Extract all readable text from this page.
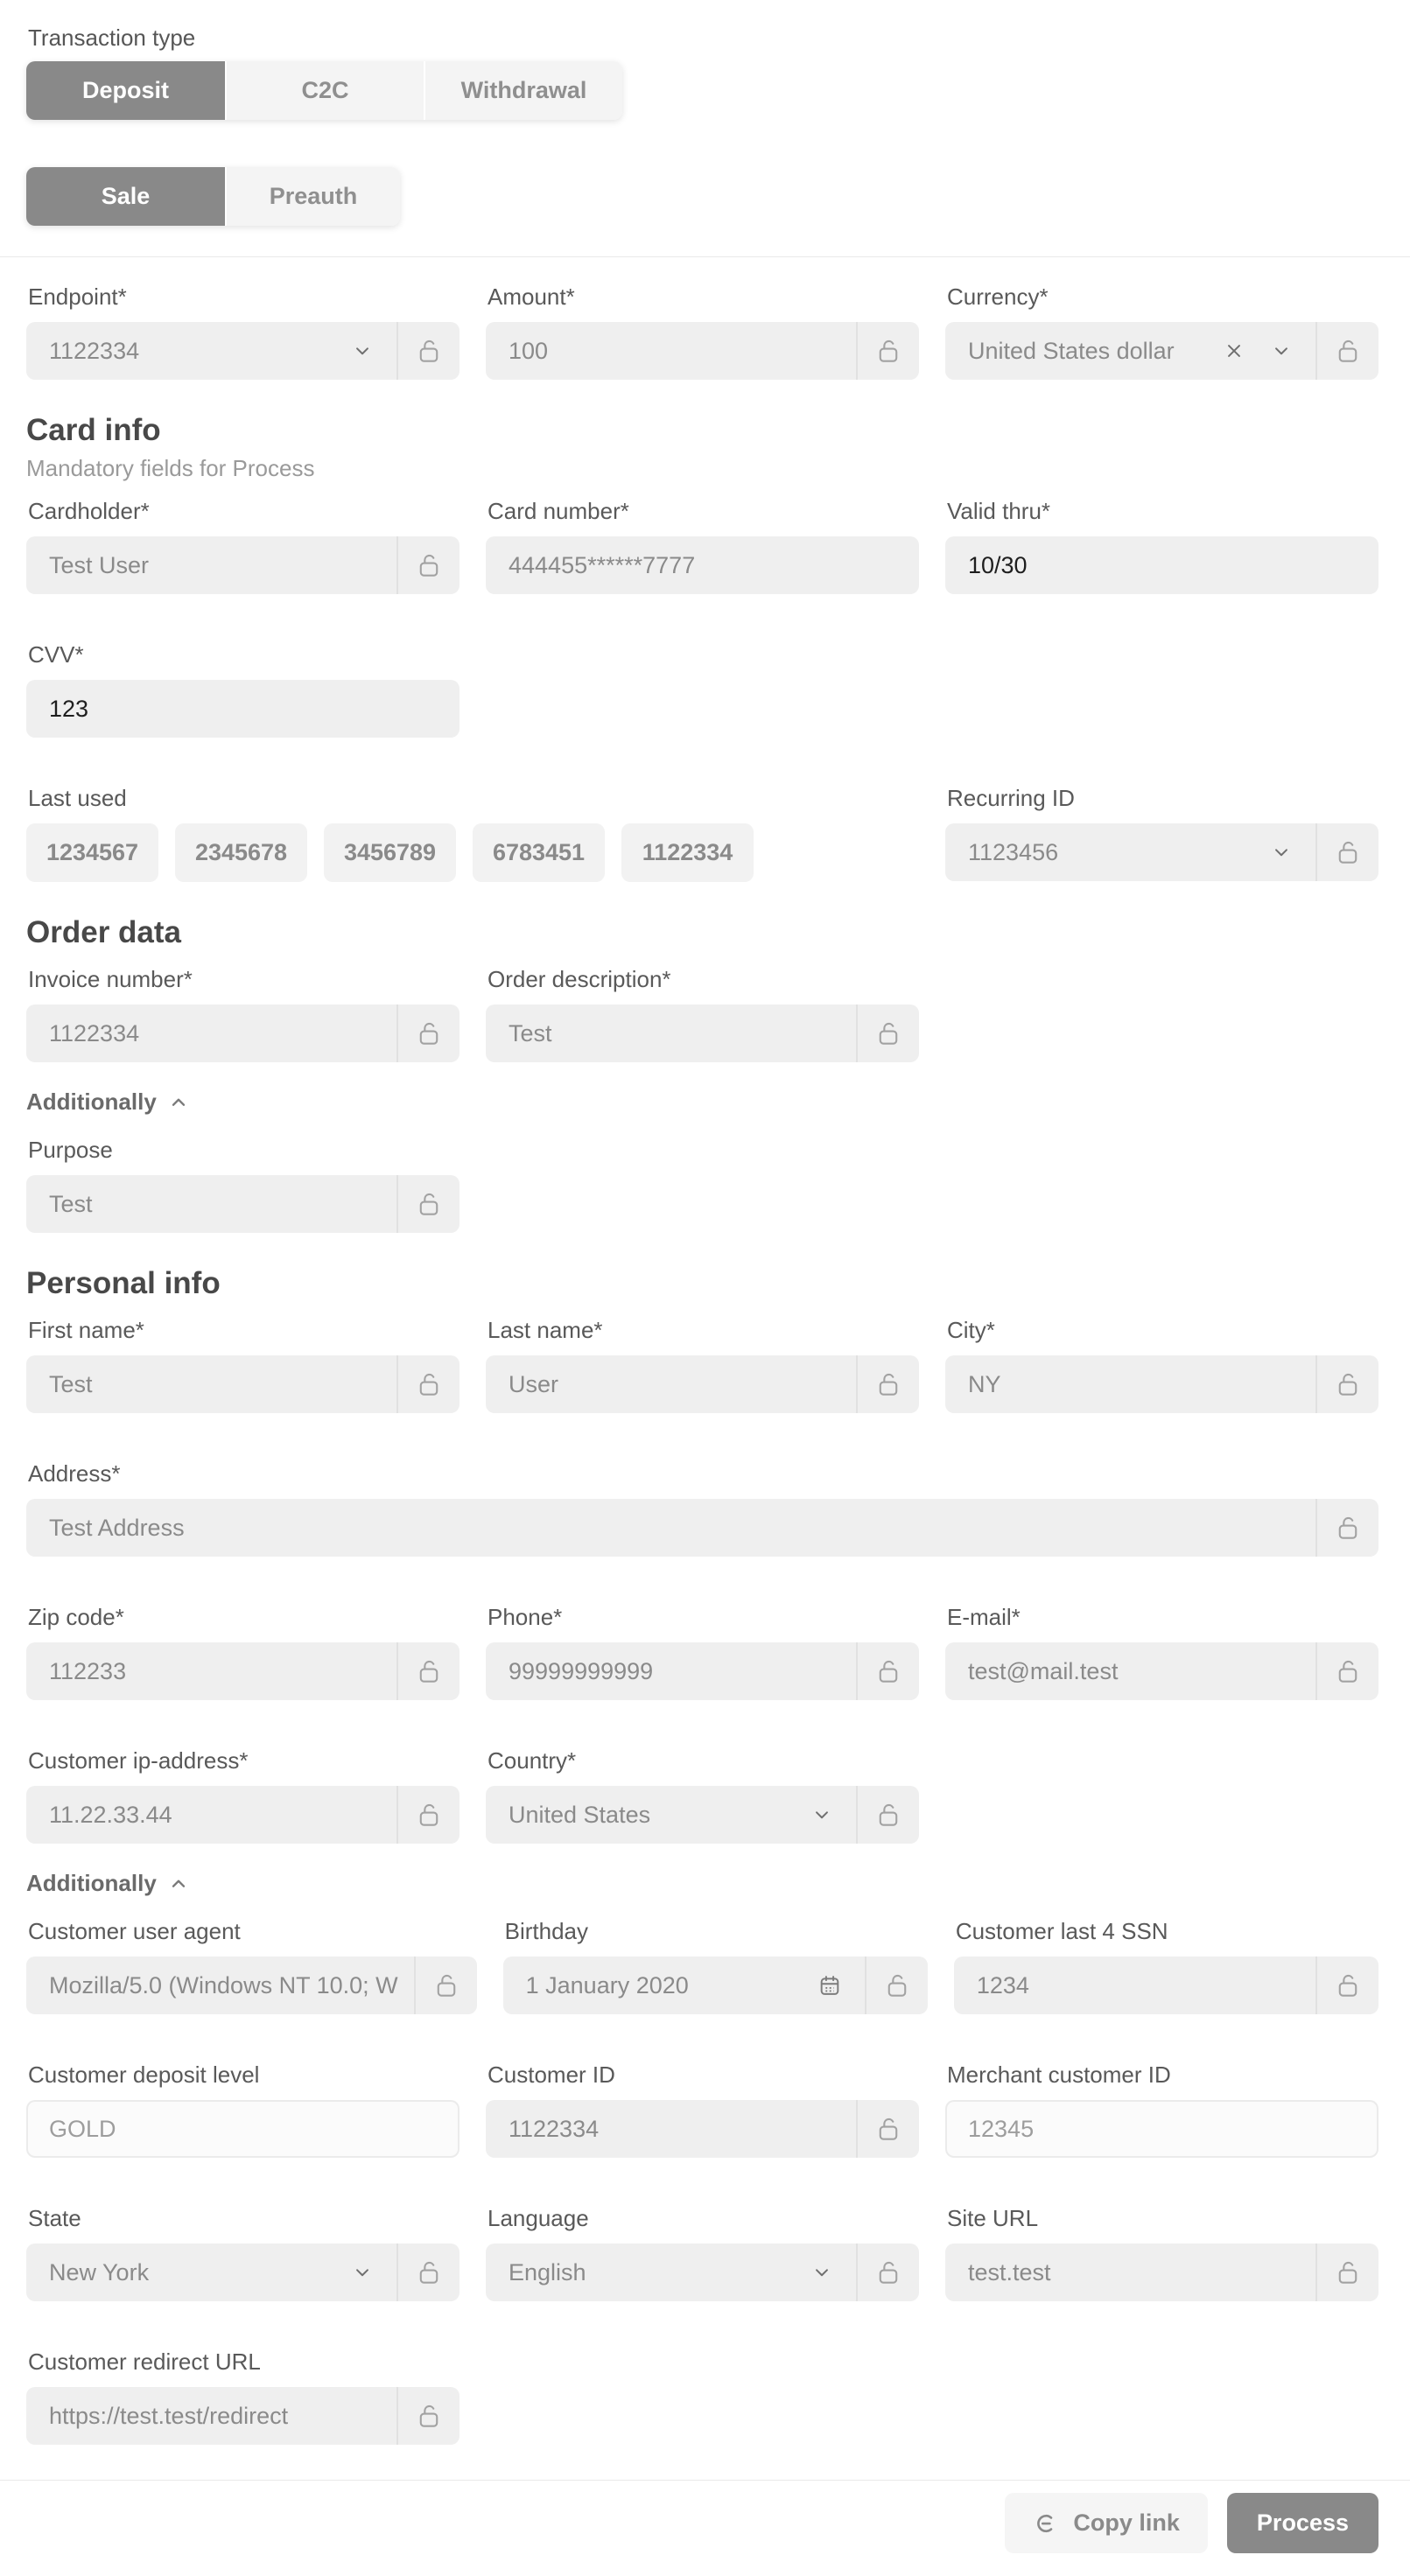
Transaction type
Deposit	C2C	Withdrawal
Sale	Preauth
Endpoint*
1122334
Amount*
100
Currency*
United States dollar
Card info
Mandatory fields for Process
Cardholder*
Test User
Card number*
444455******7777
Valid thru*
10/30
CVV*
123
Last used
1234567	2345678	3456789	6783451	1122334
Recurring ID
1123456
Order data
Invoice number*
1122334
Order description*
Test
Additionally
Purpose
Test
Personal info
First name*
Test
Last name*
User
City*
NY
Address*
Test Address
Zip code*
112233
Phone*
99999999999
E-mail*
test@mail.test
Customer ip-address*
11.22.33.44
Country*
United States
Additionally
Customer user agent
Mozilla/5.0 (Windows NT 10.0; W
Birthday
1 January 2020
Customer last 4 SSN
1234
Customer deposit level
GOLD
Customer ID
1122334
Merchant customer ID
12345
State
New York
Language
English
Site URL
test.test
Customer redirect URL
https://test.test/redirect
Copy link	Process
